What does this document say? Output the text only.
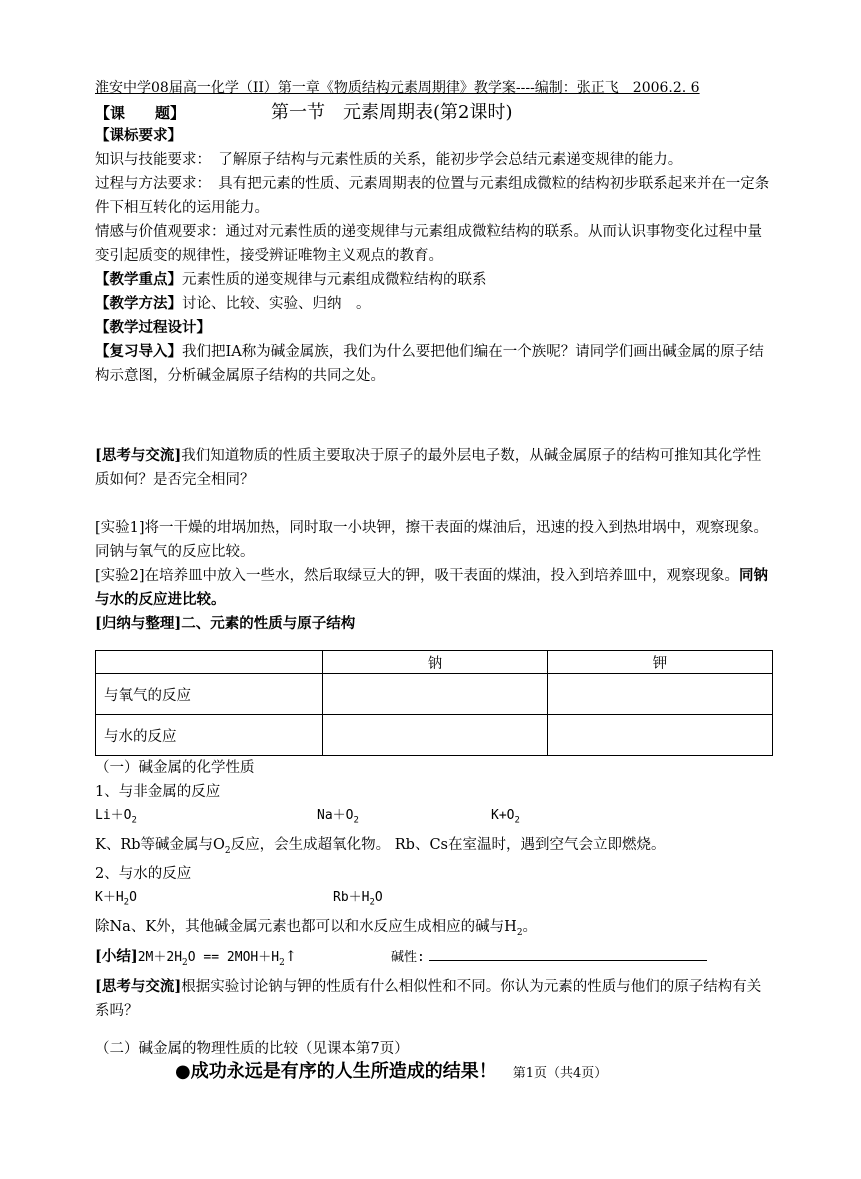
淮安中学08届高一化学（II）第一章《物质结构元素周期律》教学案----编制：张正飞　2006.2. 6
【课　　题】	第一节　元素周期表(第2课时)
【课标要求】
知识与技能要求：　了解原子结构与元素性质的关系，能初步学会总结元素递变规律的能力。
过程与方法要求：　具有把元素的性质、元素周期表的位置与元素组成微粒的结构初步联系起来并在一定条件下相互转化的运用能力。
情感与价值观要求：通过对元素性质的递变规律与元素组成微粒结构的联系。从而认识事物变化过程中量变引起质变的规律性，接受辨证唯物主义观点的教育。
【教学重点】元素性质的递变规律与元素组成微粒结构的联系
【教学方法】讨论、比较、实验、归纳　。
【教学过程设计】
【复习导入】我们把ⅠA称为碱金属族，我们为什么要把他们编在一个族呢？请同学们画出碱金属的原子结构示意图，分析碱金属原子结构的共同之处。
[思考与交流]我们知道物质的性质主要取决于原子的最外层电子数，从碱金属原子的结构可推知其化学性质如何？是否完全相同？
[实验1]将一干燥的坩埚加热，同时取一小块钾，擦干表面的煤油后，迅速的投入到热坩埚中，观察现象。同钠与氧气的反应比较。
[实验2]在培养皿中放入一些水，然后取绿豆大的钾，吸干表面的煤油，投入到培养皿中，观察现象。同钠与水的反应进比较。
[归纳与整理]二、元素的性质与原子结构
	钠	钾
与氧气的反应		
与水的反应		
（一）碱金属的化学性质
1、与非金属的反应
$Li+O_2$	$Na+O_2$	$K+O_2$
K、Rb等碱金属与$O_2$反应，会生成超氧化物。 Rb、Cs在室温时，遇到空气会立即燃烧。
2、与水的反应
$K+H_2O$	$Rb+H_2O$
除Na、K外，其他碱金属元素也都可以和水反应生成相应的碱与$H_2$。
[小结]$2M+2H_2O$ == $2MOH+H_2↑$	碱性:
[思考与交流]根据实验讨论钠与钾的性质有什么相似性和不同。你认为元素的性质与他们的原子结构有关系吗？
（二）碱金属的物理性质的比较（见课本第7页）
●成功永远是有序的人生所造成的结果！ 第1页（共4页）
